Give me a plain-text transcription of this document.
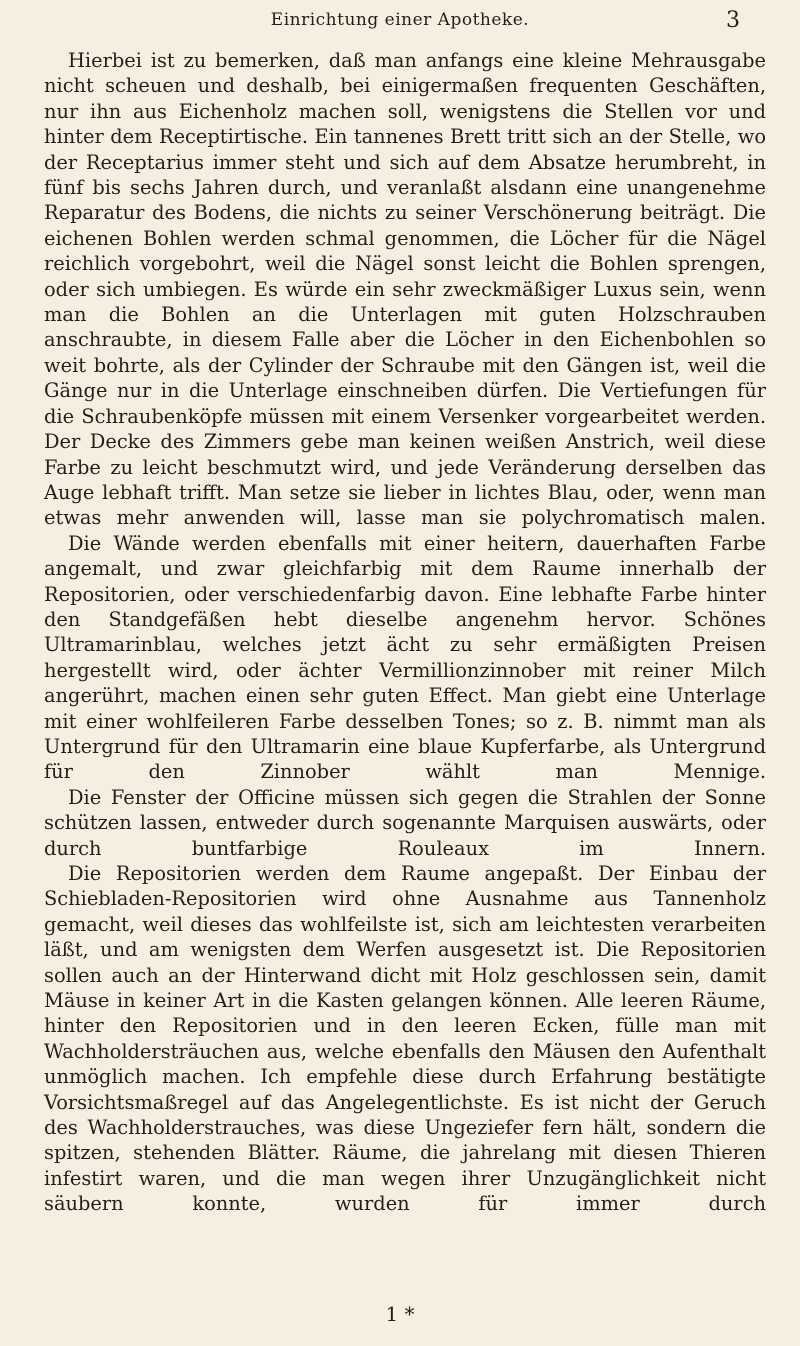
Einrichtung einer Apotheke.	3

Hierbei ist zu bemerken, daß man anfangs eine kleine Mehrausgabe nicht scheuen und deshalb, bei einigermaßen frequenten Geschäften, nur ihn aus Eichenholz machen soll, wenigstens die Stellen vor und hinter dem Receptirtische. Ein tannenes Brett tritt sich an der Stelle, wo der Receptarius immer steht und sich auf dem Absatze herumbreht, in fünf bis sechs Jahren durch, und veranlaßt alsdann eine unangenehme Reparatur des Bodens, die nichts zu seiner Verschönerung beiträgt. Die eichenen Bohlen werden schmal genommen, die Löcher für die Nägel reichlich vorgebohrt, weil die Nägel sonst leicht die Bohlen sprengen, oder sich umbiegen. Es würde ein sehr zweckmäßiger Luxus sein, wenn man die Bohlen an die Unterlagen mit guten Holzschrauben anschraubte, in diesem Falle aber die Löcher in den Eichenbohlen so weit bohrte, als der Cylinder der Schraube mit den Gängen ist, weil die Gänge nur in die Unterlage einschneiben dürfen. Die Vertiefungen für die Schraubenköpfe müssen mit einem Versenker vorgearbeitet werden. Der Decke des Zimmers gebe man keinen weißen Anstrich, weil diese Farbe zu leicht beschmutzt wird, und jede Veränderung derselben das Auge lebhaft trifft. Man setze sie lieber in lichtes Blau, oder, wenn man etwas mehr anwenden will, lasse man sie polychromatisch malen.

Die Wände werden ebenfalls mit einer heitern, dauerhaften Farbe angemalt, und zwar gleichfarbig mit dem Raume innerhalb der Repositorien, oder verschiedenfarbig davon. Eine lebhafte Farbe hinter den Standgefäßen hebt dieselbe angenehm hervor. Schönes Ultramarinblau, welches jetzt ächt zu sehr ermäßigten Preisen hergestellt wird, oder ächter Vermillionzinnober mit reiner Milch angerührt, machen einen sehr guten Effect. Man giebt eine Unterlage mit einer wohlfeileren Farbe desselben Tones; so z. B. nimmt man als Untergrund für den Ultramarin eine blaue Kupferfarbe, als Untergrund für den Zinnober wählt man Mennige.

Die Fenster der Officine müssen sich gegen die Strahlen der Sonne schützen lassen, entweder durch sogenannte Marquisen auswärts, oder durch buntfarbige Rouleaux im Innern.

Die Repositorien werden dem Raume angepaßt. Der Einbau der Schiebladen-Repositorien wird ohne Ausnahme aus Tannenholz gemacht, weil dieses das wohlfeilste ist, sich am leichtesten verarbeiten läßt, und am wenigsten dem Werfen ausgesetzt ist. Die Repositorien sollen auch an der Hinterwand dicht mit Holz geschlossen sein, damit Mäuse in keiner Art in die Kasten gelangen können. Alle leeren Räume, hinter den Repositorien und in den leeren Ecken, fülle man mit Wachholdersträuchen aus, welche ebenfalls den Mäusen den Aufenthalt unmöglich machen. Ich empfehle diese durch Erfahrung bestätigte Vorsichtsmaßregel auf das Angelegentlichste. Es ist nicht der Geruch des Wachholderstrauches, was diese Ungeziefer fern hält, sondern die spitzen, stehenden Blätter. Räume, die jahrelang mit diesen Thieren infestirt waren, und die man wegen ihrer Unzugänglichkeit nicht säubern konnte, wurden für immer durch

1 *
